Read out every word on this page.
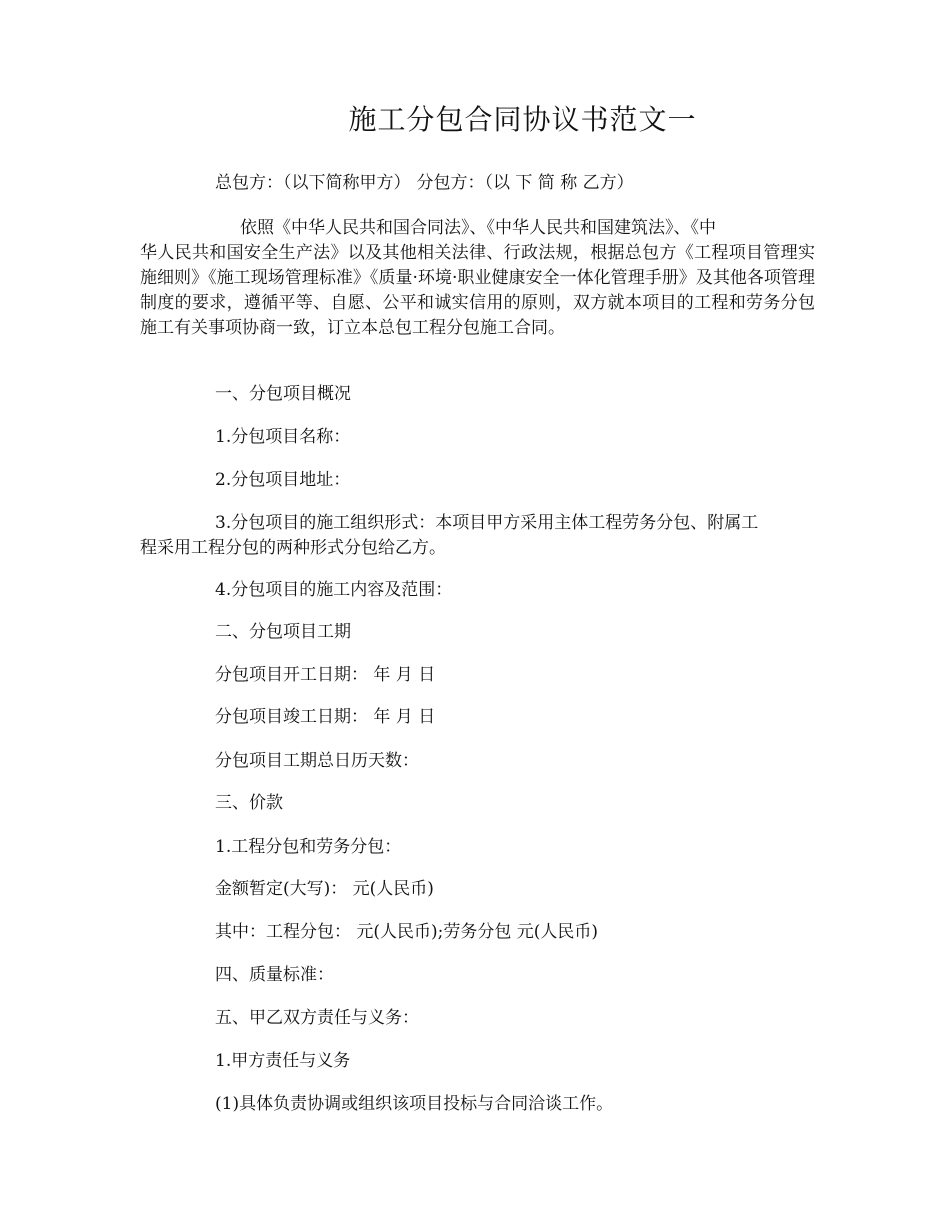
施工分包合同协议书范文一
总包方：（以下简称甲方） 分包方：（以 下 简 称 乙方）
依照《中华人民共和国合同法》、《中华人民共和国建筑法》、《中
华人民共和国安全生产法》以及其他相关法律、行政法规，根据总包方《工程项目管理实施细则》《施工现场管理标准》《质量·环境·职业健康安全一体化管理手册》及其他各项管理制度的要求，遵循平等、自愿、公平和诚实信用的原则，双方就本项目的工程和劳务分包施工有关事项协商一致，订立本总包工程分包施工合同。
一、分包项目概况
1.分包项目名称：
2.分包项目地址：
3.分包项目的施工组织形式：本项目甲方采用主体工程劳务分包、附属工
程采用工程分包的两种形式分包给乙方。
4.分包项目的施工内容及范围：
二、分包项目工期
分包项目开工日期： 年 月 日
分包项目竣工日期： 年 月 日
分包项目工期总日历天数：
三、价款
1.工程分包和劳务分包：
金额暂定(大写)： 元(人民币)
其中：工程分包： 元(人民币);劳务分包 元(人民币)
四、质量标准：
五、甲乙双方责任与义务：
1.甲方责任与义务
(1)具体负责协调或组织该项目投标与合同洽谈工作。
